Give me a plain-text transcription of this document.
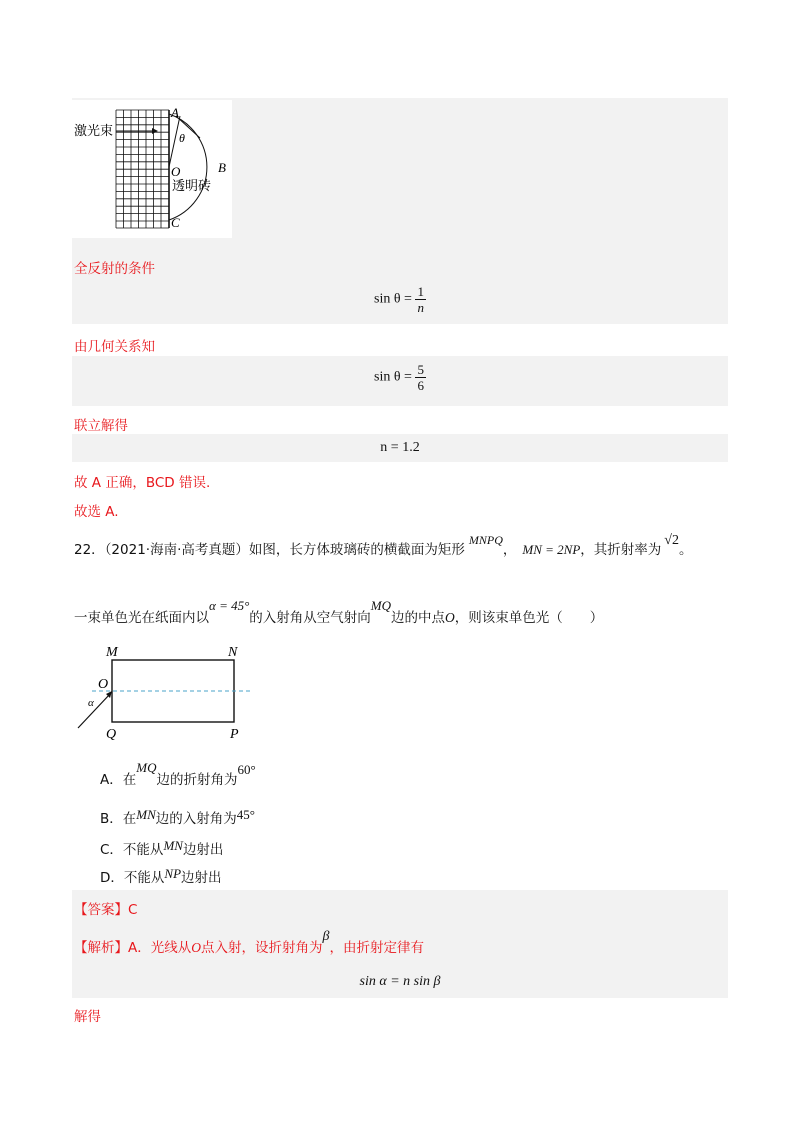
激光束
A
θ
O	B
C
透明砖
全反射的条件
$\sin \theta = \frac{1}{n}$
由几何关系知
$\sin \theta = \frac{5}{6}$
联立解得
n = 1.2
故 A 正确，BCD 错误.
故选 A.
22．（2021·海南·高考真题）如图，长方体玻璃砖的横截面为矩形MNPQ， MN = 2NP，其折射率为√2。
一束单色光在纸面内以α = 45°的入射角从空气射向MQ边的中点O，则该束单色光（　　）
M	N
O
α
Q	P
A．在MQ边的折射角为60°
B．在MN边的入射角为45°
C．不能从MN边射出
D．不能从NP边射出
【答案】C
【解析】A．光线从O点入射，设折射角为β，由折射定律有
sin α = n sin β
解得
